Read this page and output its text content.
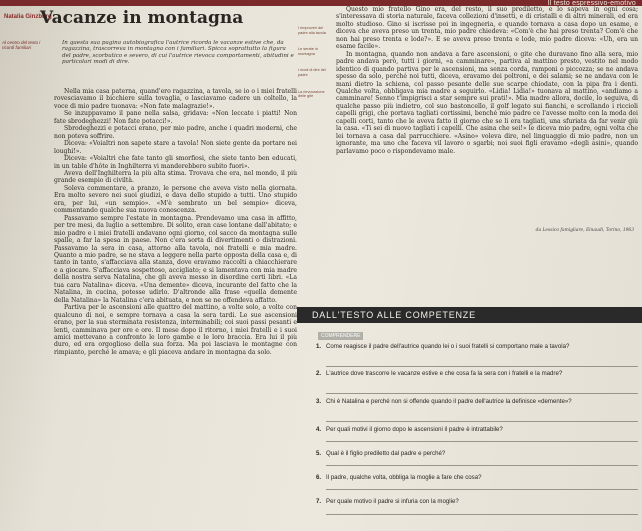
Il testo espressivo-emotivo
Natalia Ginzburg
Vacanze in montagna
Al centro del testo i ricordi familiari
In questa sua pagina autobiografica l'autrice ricorda le vacanze estive che, da ragazzina, trascorreva in montagna con i familiari. Spicca soprattutto la figura del padre, scorbutico e severo, di cui l'autrice rievoca comportamenti, abitudini e particolari modi di dire.

Nella mia casa paterna, quand'ero ragazzina, a tavola, se io o i miei fratelli rovesciavamo il bicchiere sulla tovaglia, o lasciavamo cadere un coltello, la voce di mio padre tuonava: «Non fate malagrazie!».

Se inzuppavamo il pane nella salsa, gridava: «Non leccate i piatti! Non fate sbrodeghezzi! Non fate potacci!».

Sbrodeghezzi e potacci erano, per mio padre, anche i quadri moderni, che non poteva soffrire.

Diceva: «Voialtri non sapete stare a tavola! Non siete gente da portare nei loughi!».

Diceva: «Voialtri che fate tanto gli smorfiosi, che siete tanto ben educati, in un table d'hôte in Inghilterra vi manderebbero subito fuori».

Aveva dell'Inghilterra la più alta stima. Trovava che era, nel mondo, il più grande esempio di civiltà.

Soleva commentare, a pranzo, le persone che aveva visto nella giornata. Era molto severo nei suoi giudizi, e dava dello stupido a tutti. Uno stupido era, per lui, «un sempio». «M'è sembrato un bel sempio» diceva, commentando qualche sua nuova conoscenza.

Passavamo sempre l'estate in montagna. Prendevamo una casa in affitto, per tre mesi, da luglio a settembre. Di solito, eran case lontane dall'abitato; e mio padre e i miei fratelli andavano ogni giorno, col sacco da montagna sulle spalle, a far la spesa in paese. Non c'era sorta di divertimenti o distrazioni. Passavamo la sera in casa, attorno alla tavola, noi fratelli e mia madre. Quanto a mio padre, se ne stava a leggere nella parte opposta della casa e, di tanto in tanto, s'affacciava alla stanza, dove eravamo raccolti a chiacchierare e a giocare. S'affacciava sospettoso, accigliato; e si lamentava con mia madre della nostra serva Natalina, che gli aveva messo in disordine certi libri. «La tua cara Natalina» diceva. «Una demente» diceva, incurante del fatto che la Natalina, in cucina, potesse udirlo. D'altronde alla frase «quella demente della Natalina» la Natalina c'era abituata, e non se ne offendeva affatto.

Partiva per le ascensioni alle quattro del mattino, a volte solo, a volte con qualcuno di noi, e sempre tornava a casa la sera tardi. Le sue ascensioni erano, per la sua sterminata resistenza, interminabili; coi suoi passi pesanti e lenti, camminava per ore e ore. Il mese dopo il ritorno, i miei fratelli e i suoi amici mettevano a confronto le loro gambe e le loro braccia. Era lui il più duro, ed era orgoglioso della sua forza. Ma poi lasciava le montagne con rimpianto, perché le amava; e gli piaceva andare in montagna da solo.

I rimproveri del padre alla tavola
Le serate in montagna
I modi di dire del padre
La rievocazione delle gite

Questo mio fratello Gino era, del resto, il suo prediletto, e lo sapeva in ogni cosa; s'interessava di storia naturale, faceva collezioni d'insetti, e di cristalli e di altri minerali, ed era molto studioso. Gino si iscrisse poi in ingegneria, e quando tornava a casa dopo un esame, e diceva che aveva preso un trenta, mio padre chiedeva: «Com'è che hai preso trenta? Com'è che non hai preso trenta e lode?». E se aveva preso trenta e lode, mio padre diceva: «Uh, era un esame facile».

In montagna, quando non andava a fare ascensioni, o gite che duravano fino alla sera, mio padre andava però, tutti i giorni, «a camminare», partiva al mattino presto, vestito nel modo identico di quando partiva per le ascensioni, ma senza corda, ramponi o piccozza; se ne andava spesso da solo, perché noi tutti, diceva, eravamo dei poltroni, e dei salami; se ne andava con le mani dietro la schiena, col passo pesante delle sue scarpe chiodate, con la pipa fra i denti. Qualche volta, obbligava mia madre a seguirlo. «Lidia! Lidia!» tuonava al mattino, «andiamo a camminare! Senno t'impigrisci a star sempre sui prati!». Mia madre allora, docile, lo seguiva, di qualche passo più indietro, col suo bastoncello, il golf legato sui fianchi, e scrollando i riccioli capelli grigi, che portava tagliati cortissimi, benché mio padre ce l'avesse molto con la moda dei capelli corti, tanto che le aveva fatto il giorno che se li era tagliati, una sfuriata da far venir giù la casa. «Ti sei di nuovo tagliati i capelli. Che asina che sei!» le diceva mio padre, ogni volta che lei tornava a casa dal parrucchiere. «Asino» voleva dire, nel linguaggio di mio padre, non un ignorante, ma uno che faceva vil lavoro o sgarbi; noi suoi figli eravamo «degli asini», quando parlavamo poco o rispondevamo male.

da Lessico famigliare, Einaudi, Torino, 1963
DALL'TESTO ALLE COMPETENZE
COMPRENDERE
1. Come reagisce il padre dell'autrice quando lei o i suoi fratelli si comportano male a tavola?
2. L'autrice dove trascorre le vacanze estive e che cosa fa la sera con i fratelli e la madre?
3. Chi è Natalina e perché non si offende quando il padre dell'autrice la definisce «demente»?
4. Per quali motivi il giorno dopo le ascensioni il padre è intrattabile?
5. Qual è il figlio prediletto dal padre e perché?
6. Il padre, qualche volta, obbliga la moglie a fare che cosa?
7. Per quale motivo il padre si infuria con la moglie?
